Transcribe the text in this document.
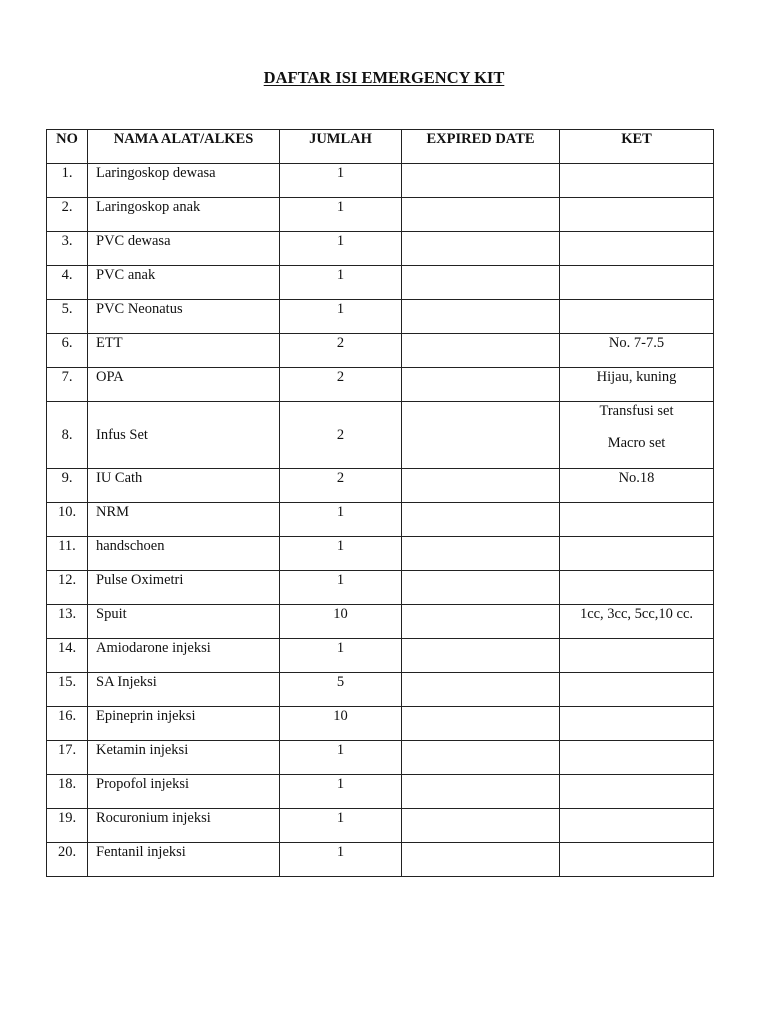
DAFTAR ISI EMERGENCY KIT
NO	NAMA ALAT/ALKES	JUMLAH	EXPIRED DATE	KET
1.	Laringoskop dewasa	1		

2.	Laringoskop anak	1		

3.	PVC dewasa	1		

4.	PVC anak	1		

5.	PVC Neonatus	1		

6.	ETT	2		No. 7-7.5

7.	OPA	2		Hijau, kuning

8.	Infus Set	2		Transfusi set
Macro set

9.	IU Cath	2		No.18

10.	NRM	1		

11.	handschoen	1		

12.	Pulse Oximetri	1		

13.	Spuit	10		1cc, 3cc, 5cc,10 cc.

14.	Amiodarone injeksi	1		

15.	SA Injeksi	5		

16.	Epineprin injeksi	10		

17.	Ketamin injeksi	1		

18.	Propofol injeksi	1		

19.	Rocuronium injeksi	1		

20.	Fentanil injeksi	1		
